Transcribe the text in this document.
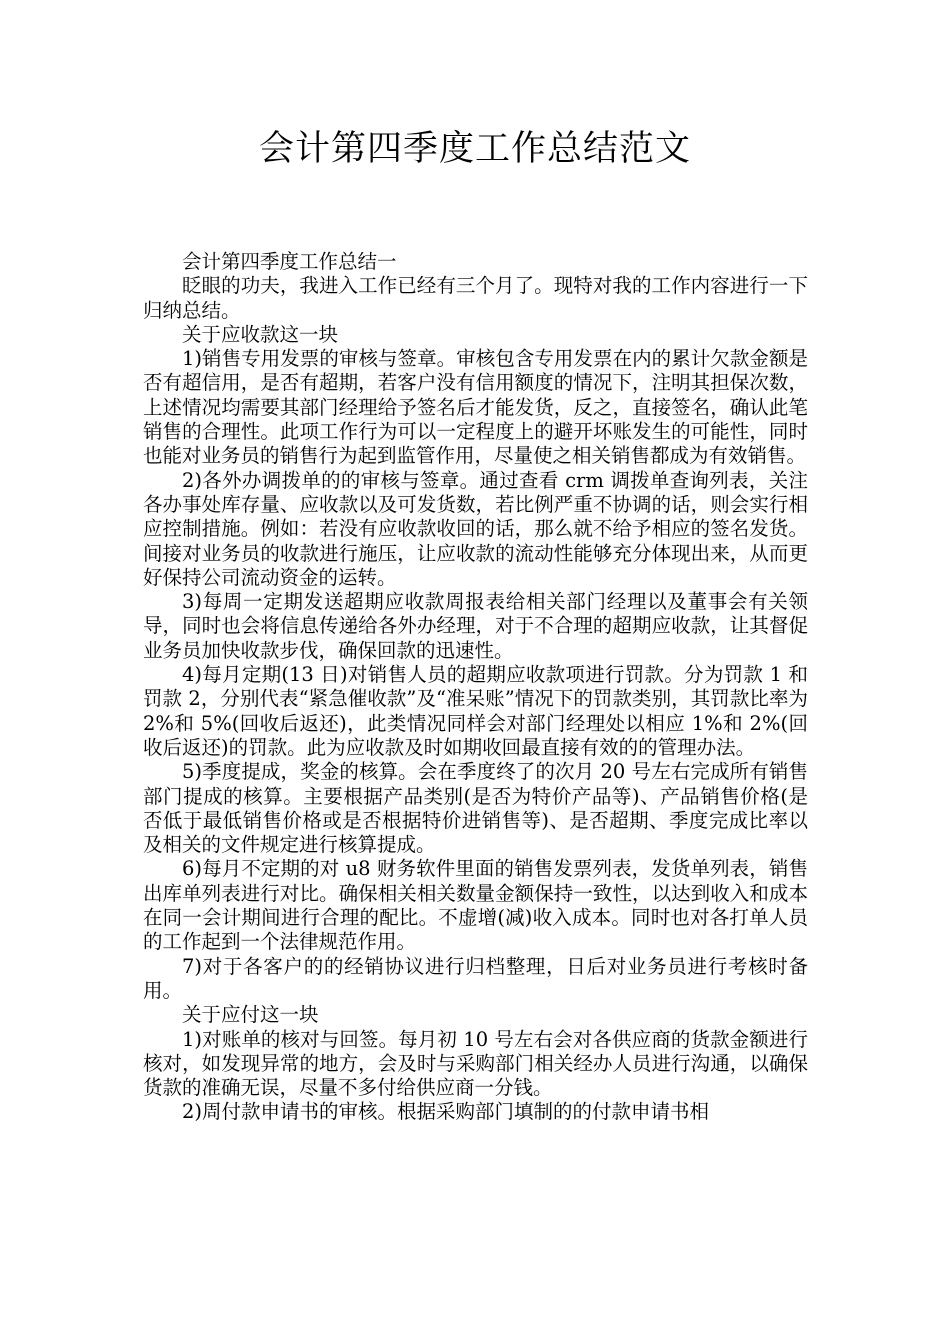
会计第四季度工作总结范文

会计第四季度工作总结一

眨眼的功夫，我进入工作已经有三个月了。现特对我的工作内容进行一下归纳总结。

关于应收款这一块

1)销售专用发票的审核与签章。审核包含专用发票在内的累计欠款金额是否有超信用，是否有超期，若客户没有信用额度的情况下，注明其担保次数，上述情况均需要其部门经理给予签名后才能发货，反之，直接签名，确认此笔销售的合理性。此项工作行为可以一定程度上的避开坏账发生的可能性，同时也能对业务员的销售行为起到监管作用，尽量使之相关销售都成为有效销售。

2)各外办调拨单的的审核与签章。通过查看 crm 调拨单查询列表，关注各办事处库存量、应收款以及可发货数，若比例严重不协调的话，则会实行相应控制措施。例如：若没有应收款收回的话，那么就不给予相应的签名发货。间接对业务员的收款进行施压，让应收款的流动性能够充分体现出来，从而更好保持公司流动资金的运转。

3)每周一定期发送超期应收款周报表给相关部门经理以及董事会有关领导，同时也会将信息传递给各外办经理，对于不合理的超期应收款，让其督促业务员加快收款步伐，确保回款的迅速性。

4)每月定期(13 日)对销售人员的超期应收款项进行罚款。分为罚款 1 和罚款 2，分别代表“紧急催收款”及“准呆账”情况下的罚款类别，其罚款比率为 2%和 5%(回收后返还)，此类情况同样会对部门经理处以相应 1%和 2%(回收后返还)的罚款。此为应收款及时如期收回最直接有效的的管理办法。

5)季度提成，奖金的核算。会在季度终了的次月 20 号左右完成所有销售部门提成的核算。主要根据产品类别(是否为特价产品等)、产品销售价格(是否低于最低销售价格或是否根据特价进销售等)、是否超期、季度完成比率以及相关的文件规定进行核算提成。

6)每月不定期的对 u8 财务软件里面的销售发票列表，发货单列表，销售出库单列表进行对比。确保相关相关数量金额保持一致性，以达到收入和成本在同一会计期间进行合理的配比。不虚增(减)收入成本。同时也对各打单人员的工作起到一个法律规范作用。

7)对于各客户的的经销协议进行归档整理，日后对业务员进行考核时备用。

关于应付这一块

1)对账单的核对与回签。每月初 10 号左右会对各供应商的货款金额进行核对，如发现异常的地方，会及时与采购部门相关经办人员进行沟通，以确保货款的准确无误，尽量不多付给供应商一分钱。

2)周付款申请书的审核。根据采购部门填制的的付款申请书相
